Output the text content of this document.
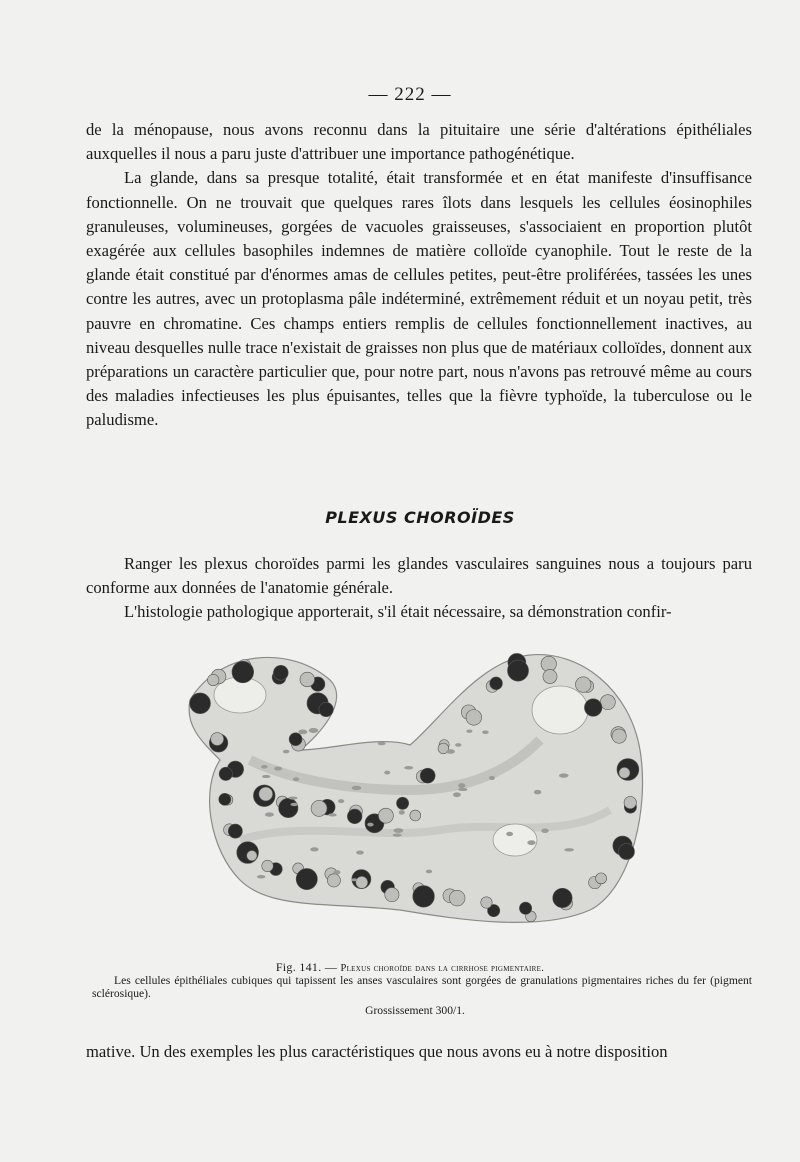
— 222 —

de la ménopause, nous avons reconnu dans la pituitaire une série d'altérations épithéliales auxquelles il nous a paru juste d'attribuer une importance pathogénétique.

La glande, dans sa presque totalité, était transformée et en état manifeste d'insuffisance fonctionnelle. On ne trouvait que quelques rares îlots dans lesquels les cellules éosinophiles granuleuses, volumineuses, gorgées de vacuoles graisseuses, s'associaient en proportion plutôt exagérée aux cellules basophiles indemnes de matière colloïde cyanophile. Tout le reste de la glande était constitué par d'énormes amas de cellules petites, peut-être proliférées, tassées les unes contre les autres, avec un protoplasma pâle indéterminé, extrêmement réduit et un noyau petit, très pauvre en chromatine. Ces champs entiers remplis de cellules fonctionnellement inactives, au niveau desquelles nulle trace n'existait de graisses non plus que de matériaux colloïdes, donnent aux préparations un caractère particulier que, pour notre part, nous n'avons pas retrouvé même au cours des maladies infectieuses les plus épuisantes, telles que la fièvre typhoïde, la tuberculose ou le paludisme.

PLEXUS CHOROÏDES

Ranger les plexus choroïdes parmi les glandes vasculaires sanguines nous a toujours paru conforme aux données de l'anatomie générale.

L'histologie pathologique apporterait, s'il était nécessaire, sa démonstration confir-

Fig. 141. — Plexus choroïde dans la cirrhose pigmentaire.
Les cellules épithéliales cubiques qui tapissent les anses vasculaires sont gorgées de granulations pigmentaires riches du fer (pigment sclérosique).
Grossissement 300/1.

mative. Un des exemples les plus caractéristiques que nous avons eu à notre disposition
